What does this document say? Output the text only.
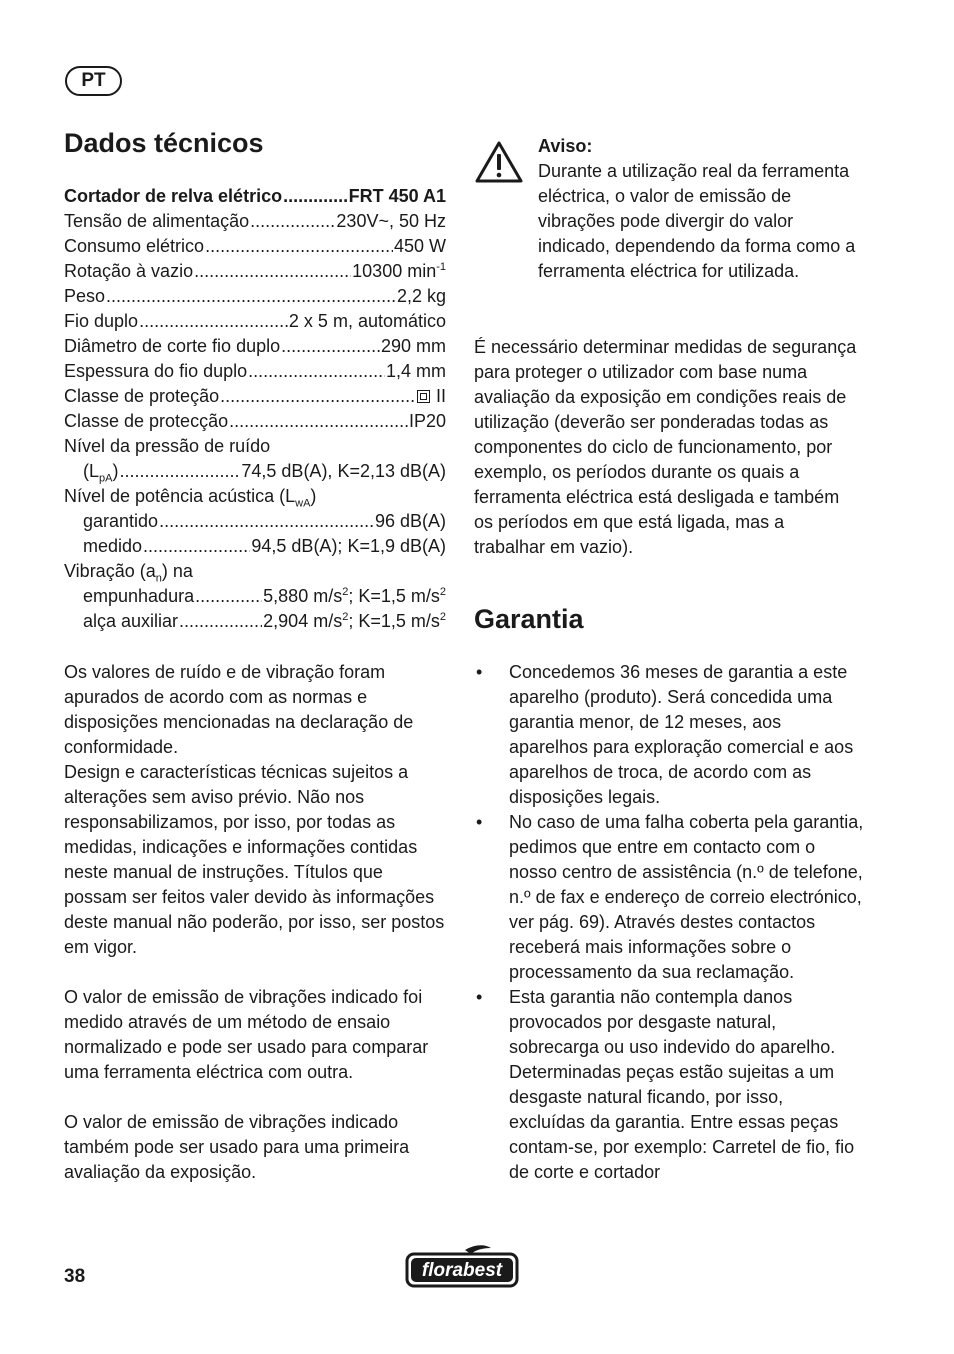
PT
Dados técnicos
Cortador de relva elétrico .....	FRT 450 A1
Tensão de alimentação .....	230V~, 50 Hz
Consumo elétrico .....	450 W
Rotação à vazio .....	10300 $\min^{-1}$
Peso .....	2,2 kg
Fio duplo .....	2 x 5 m, automático
Diâmetro de corte fio duplo .....	290 mm
Espessura do fio duplo .....	1,4 mm
Classe de proteção .....	II
Classe de protecção .....	IP20
Nível da pressão de ruído
$(L_{pA})$ .....	74,5 dB(A), K=2,13 dB(A)
Nível de potência acústica $(L_{wA})$
garantido .....	96 dB(A)
medido .....	94,5 dB(A); K=1,9 dB(A)
Vibração $(a_n)$ na
empunhadura .....	5,880 $m/s^2$; K=1,5 $m/s^2$
alça auxiliar .....	2,904 $m/s^2$; K=1,5 $m/s^2$

Os valores de ruído e de vibração foram apurados de acordo com as normas e disposições mencionadas na declaração de conformidade.

Design e características técnicas sujeitos a alterações sem aviso prévio. Não nos responsabilizamos, por isso, por todas as medidas, indicações e informações contidas neste manual de instruções. Títulos que possam ser feitos valer devido às informações deste manual não poderão, por isso, ser postos em vigor.

O valor de emissão de vibrações indicado foi medido através de um método de ensaio normalizado e pode ser usado para comparar uma ferramenta eléctrica com outra.

O valor de emissão de vibrações indicado também pode ser usado para uma primeira avaliação da exposição.

Aviso:
Durante a utilização real da ferramenta eléctrica, o valor de emissão de vibrações pode divergir do valor indicado, dependendo da forma como a ferramenta eléctrica for utilizada.

É necessário determinar medidas de segurança para proteger o utilizador com base numa avaliação da exposição em condições reais de utilização (deverão ser ponderadas todas as componentes do ciclo de funcionamento, por exemplo, os períodos durante os quais a ferramenta eléctrica está desligada e também os períodos em que está ligada, mas a trabalhar em vazio).

Garantia
• Concedemos 36 meses de garantia a este aparelho (produto). Será concedida uma garantia menor, de 12 meses, aos aparelhos para exploração comercial e aos aparelhos de troca, de acordo com as disposições legais.
• No caso de uma falha coberta pela garantia, pedimos que entre em contacto com o nosso centro de assistência (n.º de telefone, n.º de fax e endereço de correio electrónico, ver pág. 69). Através destes contactos receberá mais informações sobre o processamento da sua reclamação.
• Esta garantia não contempla danos provocados por desgaste natural, sobrecarga ou uso indevido do aparelho. Determinadas peças estão sujeitas a um desgaste natural ficando, por isso, excluídas da garantia. Entre essas peças contam-se, por exemplo: Carretel de fio, fio de corte e cortador
38	florabest
